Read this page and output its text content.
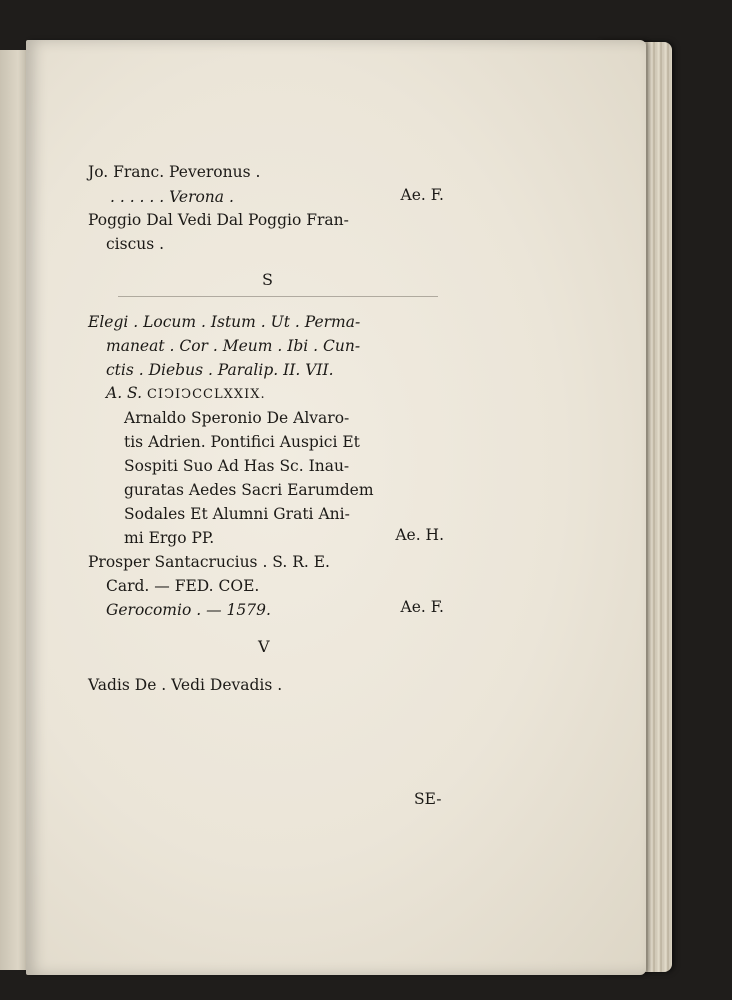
Jo. Franc. Peveronus .
. . . . . . Verona .	Ae. F.
Poggio Dal Vedi Dal Poggio Fran-
ciscus .
S
Elegi . Locum . Istum . Ut . Perma-
maneat . Cor . Meum . Ibi . Cun-
ctis . Diebus . Paralip. II. VII.
A. S. CIↃIↃCCLXXIX.
Arnaldo Speronio De Alvaro-
tis Adrien. Pontifici Auspici Et
Sospiti Suo Ad Has Sc. Inau-
guratas Aedes Sacri Earumdem
Sodales Et Alumni Grati Ani-
mi Ergo PP.	Ae. H.
Prosper Santacrucius . S. R. E.
Card. — FED. COE.
Gerocomio . — 1579.	Ae. F.
V
Vadis De . Vedi Devadis .
SE-
